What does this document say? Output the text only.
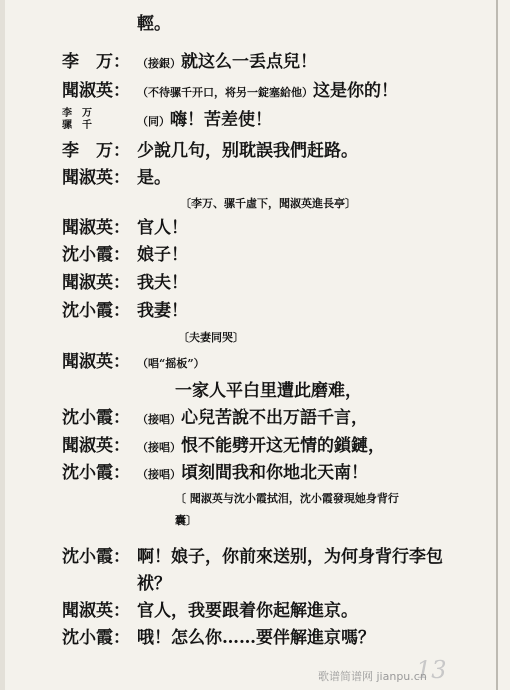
輕。
李　万： （接銀）就这么一丢点兒！
聞淑英： （不待骡千开口，将另一錠塞給他）这是你的！
李　万
骡　千	（同）嗨！苦差使！
李　万： 少說几句，别耽誤我們赶路。
聞淑英： 是。
〔李万、骡千虛下，聞淑英進長亭〕
聞淑英： 官人！
沈小霞： 娘子！
聞淑英： 我夫！
沈小霞： 我妻！
〔夫妻同哭〕
聞淑英： （唱“摇板”）
一家人平白里遭此磨难，
沈小霞： （接唱）心兒苦說不出万語千言，
聞淑英： （接唱）恨不能劈开这无情的鎖鏈，
沈小霞： （接唱）頃刻間我和你地北天南！
〔 聞淑英与沈小霞拭泪，沈小霞發現她身背行
囊〕
沈小霞： 啊！娘子，你前來送别，为何身背行李包
袱？
聞淑英： 官人，我要跟着你起解進京。
沈小霞： 哦！怎么你……要伴解進京嗎？
13
歌谱简谱网 jianpu.cn
